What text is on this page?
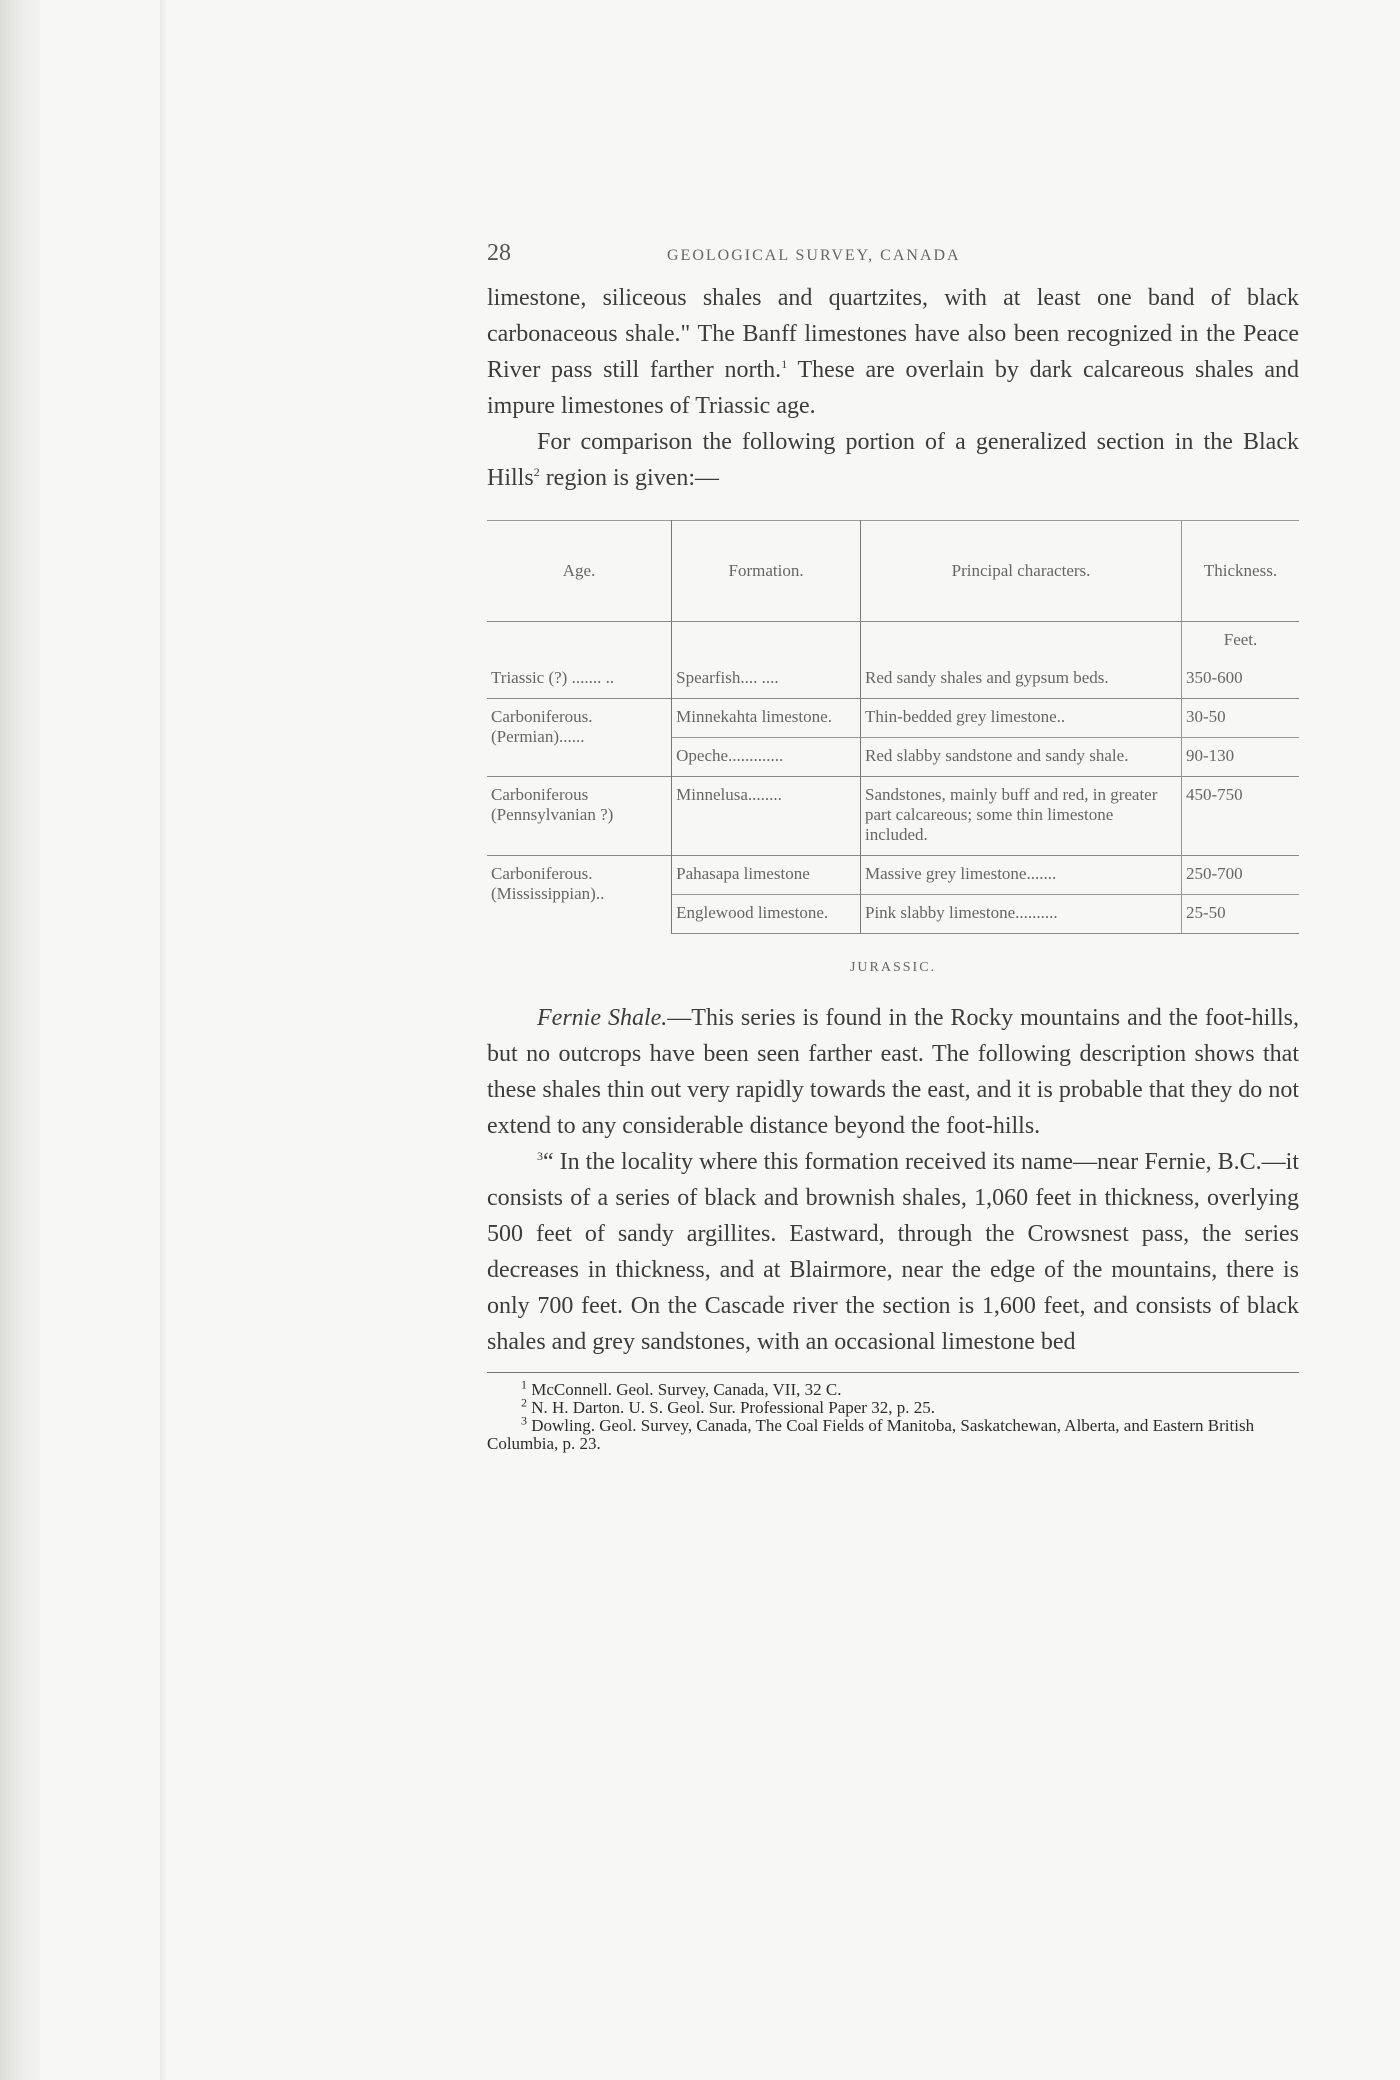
28	GEOLOGICAL SURVEY, CANADA

limestone, siliceous shales and quartzites, with at least one band of black carbonaceous shale." The Banff limestones have also been recognized in the Peace River pass still farther north.$^1$ These are overlain by dark calcareous shales and impure limestones of Triassic age.

For comparison the following portion of a generalized section in the Black Hills$^2$ region is given:—

Age.	Formation.	Principal characters.	Thickness.
			Feet.
Triassic (?) ....... ..	Spearfish.... ....	Red sandy shales and gypsum beds.	350-600
Carboniferous. (Permian)......	Minnekahta limestone.	Thin-bedded grey limestone..	30-50
	Opeche.............	Red slabby sandstone and sandy shale.	90-130
Carboniferous (Pennsylvanian ?)	Minnelusa........	Sandstones, mainly buff and red, in greater part calcareous; some thin limestone included.	450-750
Carboniferous. (Mississippian)..	Pahasapa limestone	Massive grey limestone.......	250-700
	Englewood limestone.	Pink slabby limestone..........	25-50
JURASSIC.

Fernie Shale.—This series is found in the Rocky mountains and the foot-hills, but no outcrops have been seen farther east. The following description shows that these shales thin out very rapidly towards the east, and it is probable that they do not extend to any considerable distance beyond the foot-hills.

$^3$“ In the locality where this formation received its name—near Fernie, B.C.—it consists of a series of black and brownish shales, 1,060 feet in thickness, overlying 500 feet of sandy argillites. Eastward, through the Crowsnest pass, the series decreases in thickness, and at Blairmore, near the edge of the mountains, there is only 700 feet. On the Cascade river the section is 1,600 feet, and consists of black shales and grey sandstones, with an occasional limestone bed

$^1$ McConnell. Geol. Survey, Canada, VII, 32 C.

$^2$ N. H. Darton. U. S. Geol. Sur. Professional Paper 32, p. 25.

$^3$ Dowling. Geol. Survey, Canada, The Coal Fields of Manitoba, Saskatchewan, Alberta, and Eastern British Columbia, p. 23.
